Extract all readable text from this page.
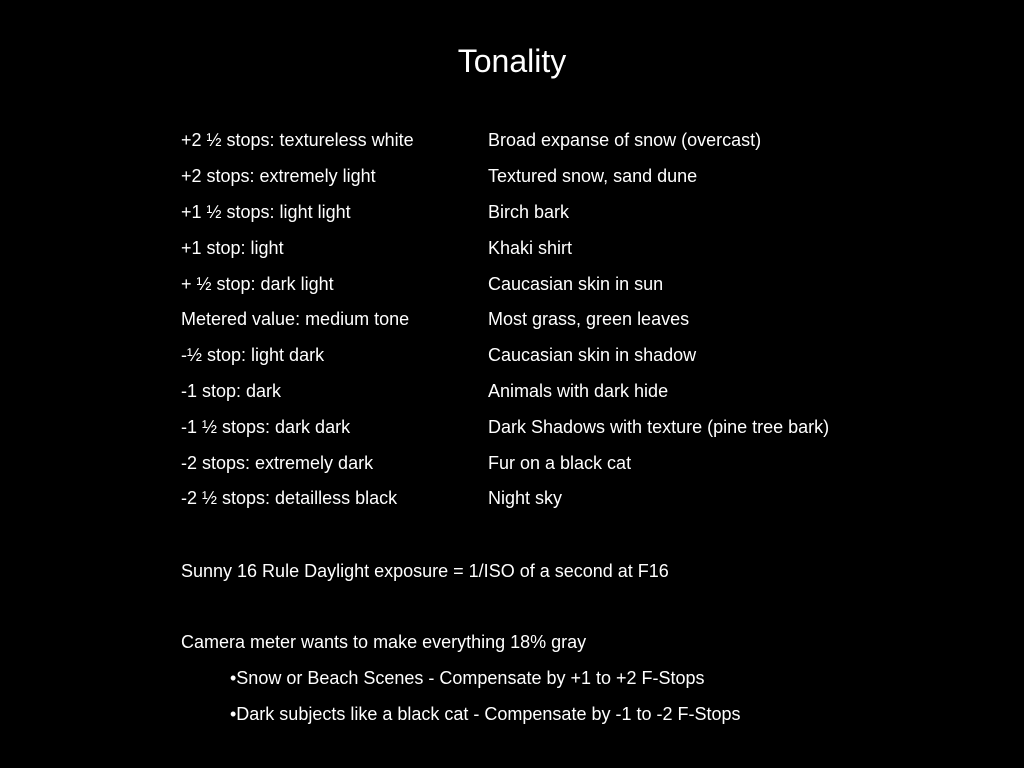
Tonality
+2 ½ stops: textureless white	Broad expanse of snow (overcast)
+2 stops: extremely light	Textured snow, sand dune
+1 ½ stops: light light	Birch bark
+1 stop: light	Khaki shirt
+ ½ stop: dark light	Caucasian skin in sun
Metered value: medium tone	Most grass, green leaves
-½ stop: light dark	Caucasian skin in shadow
-1 stop: dark	Animals with dark hide
-1 ½ stops: dark dark	Dark Shadows with texture (pine tree bark)
-2 stops: extremely dark	Fur on a black cat
-2 ½ stops: detailless black	Night sky
Sunny 16 Rule Daylight exposure = 1/ISO of a second at F16
Camera meter wants to make everything 18% gray
•Snow or Beach Scenes - Compensate by +1 to +2 F-Stops
•Dark subjects like a black cat - Compensate by -1 to -2 F-Stops
